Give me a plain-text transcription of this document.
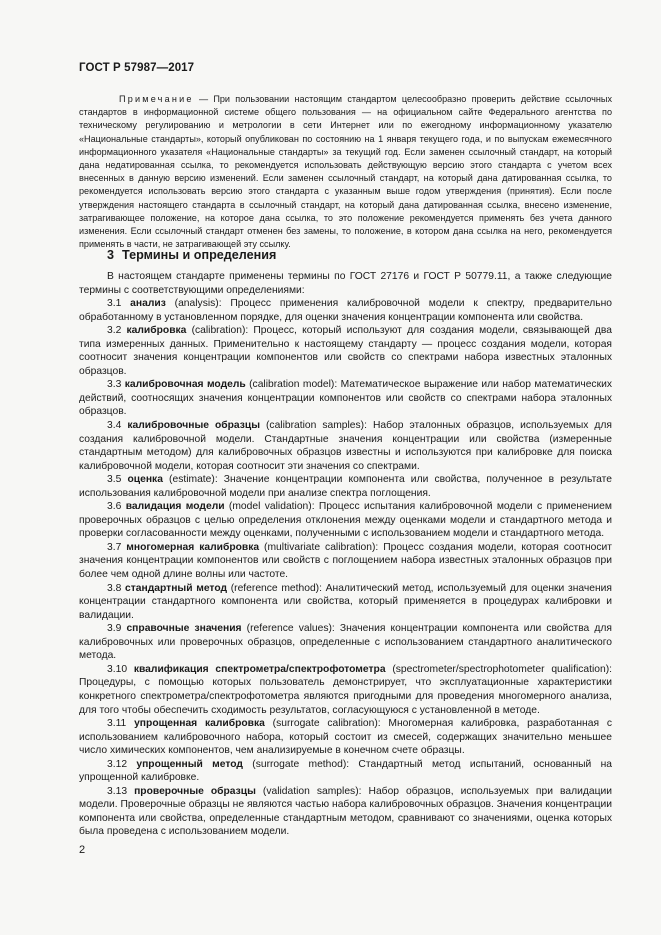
ГОСТ Р 57987—2017
Примечание — При пользовании настоящим стандартом целесообразно проверить действие ссылочных стандартов в информационной системе общего пользования — на официальном сайте Федерального агентства по техническому регулированию и метрологии в сети Интернет или по ежегодному информационному указателю «Национальные стандарты», который опубликован по состоянию на 1 января текущего года, и по выпускам ежемесячного информационного указателя «Национальные стандарты» за текущий год. Если заменен ссылочный стандарт, на который дана недатированная ссылка, то рекомендуется использовать действующую версию этого стандарта с учетом всех внесенных в данную версию изменений. Если заменен ссылочный стандарт, на который дана датированная ссылка, то рекомендуется использовать версию этого стандарта с указанным выше годом утверждения (принятия). Если после утверждения настоящего стандарта в ссылочный стандарт, на который дана датированная ссылка, внесено изменение, затрагивающее положение, на которое дана ссылка, то это положение рекомендуется применять без учета данного изменения. Если ссылочный стандарт отменен без замены, то положение, в котором дана ссылка на него, рекомендуется применять в части, не затрагивающей эту ссылку.
3 Термины и определения

В настоящем стандарте применены термины по ГОСТ 27176 и ГОСТ Р 50779.11, а также следующие термины с соответствующими определениями:

3.1 анализ (analysis): Процесс применения калибровочной модели к спектру, предварительно обработанному в установленном порядке, для оценки значения концентрации компонента или свойства.

3.2 калибровка (calibration): Процесс, который используют для создания модели, связывающей два типа измеренных данных. Применительно к настоящему стандарту — процесс создания модели, которая соотносит значения концентрации компонентов или свойств со спектрами набора известных эталонных образцов.

3.3 калибровочная модель (calibration model): Математическое выражение или набор математических действий, соотносящих значения концентрации компонентов или свойств со спектрами набора эталонных образцов.

3.4 калибровочные образцы (calibration samples): Набор эталонных образцов, используемых для создания калибровочной модели. Стандартные значения концентрации или свойства (измеренные стандартным методом) для калибровочных образцов известны и используются при калибровке для поиска калибровочной модели, которая соотносит эти значения со спектрами.

3.5 оценка (estimate): Значение концентрации компонента или свойства, полученное в результате использования калибровочной модели при анализе спектра поглощения.

3.6 валидация модели (model validation): Процесс испытания калибровочной модели с применением проверочных образцов с целью определения отклонения между оценками модели и стандартного метода и проверки согласованности между оценками, полученными с использованием модели и стандартного метода.

3.7 многомерная калибровка (multivariate calibration): Процесс создания модели, которая соотносит значения концентрации компонентов или свойств с поглощением набора известных эталонных образцов при более чем одной длине волны или частоте.

3.8 стандартный метод (reference method): Аналитический метод, используемый для оценки значения концентрации стандартного компонента или свойства, который применяется в процедурах калибровки и валидации.

3.9 справочные значения (reference values): Значения концентрации компонента или свойства для калибровочных или проверочных образцов, определенные с использованием стандартного аналитического метода.

3.10 квалификация спектрометра/спектрофотометра (spectrometer/spectrophotometer qualification): Процедуры, с помощью которых пользователь демонстрирует, что эксплуатационные характеристики конкретного спектрометра/спектрофотометра являются пригодными для проведения многомерного анализа, для того чтобы обеспечить сходимость результатов, согласующуюся с установленной в методе.

3.11 упрощенная калибровка (surrogate calibration): Многомерная калибровка, разработанная с использованием калибровочного набора, который состоит из смесей, содержащих значительно меньшее число химических компонентов, чем анализируемые в конечном счете образцы.

3.12 упрощенный метод (surrogate method): Стандартный метод испытаний, основанный на упрощенной калибровке.

3.13 проверочные образцы (validation samples): Набор образцов, используемых при валидации модели. Проверочные образцы не являются частью набора калибровочных образцов. Значения концентрации компонента или свойства, определенные стандартным методом, сравнивают со значениями, оценка которых была проведена с использованием модели.

2
